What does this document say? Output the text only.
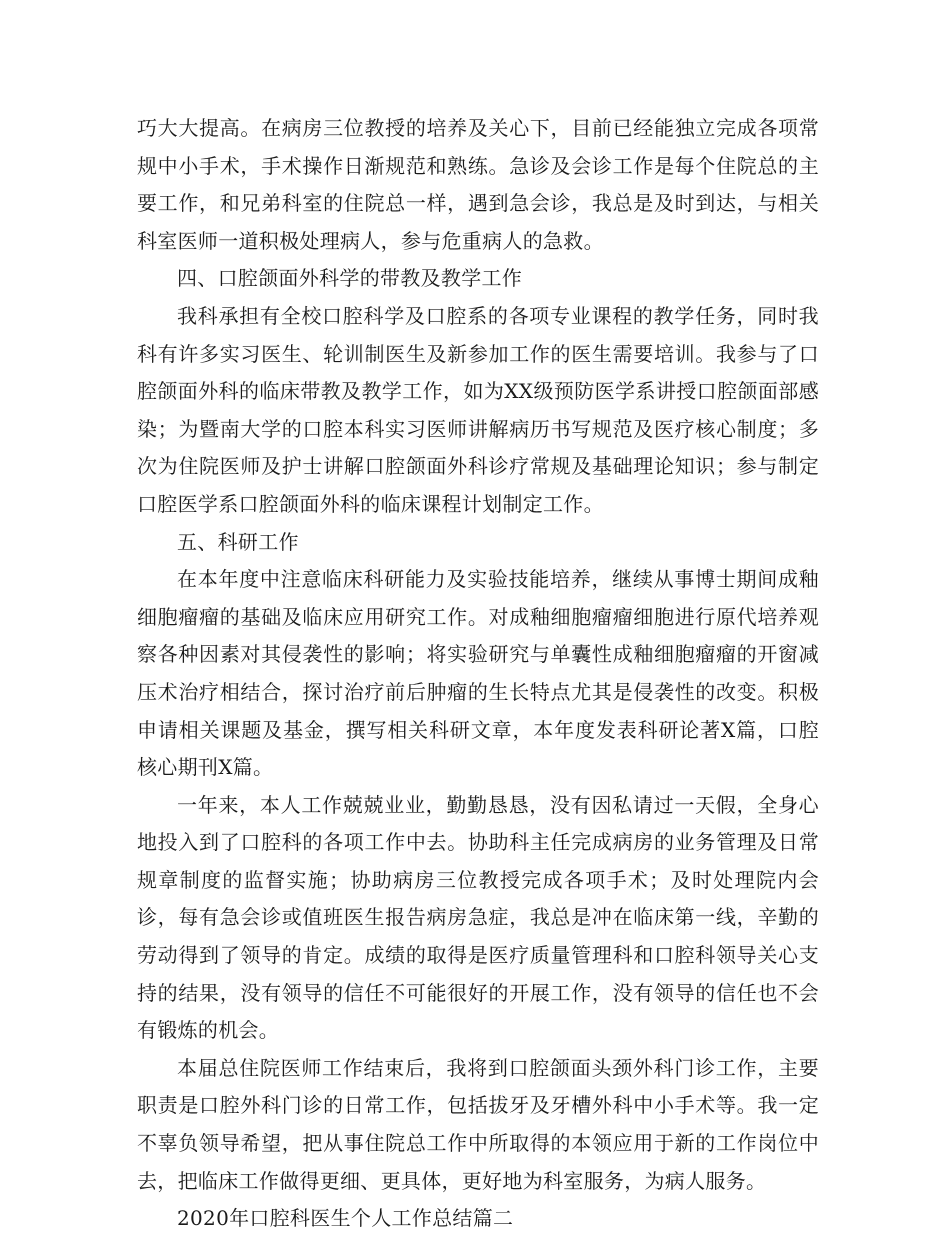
巧大大提高。在病房三位教授的培养及关心下，目前已经能独立完成各项常规中小手术，手术操作日渐规范和熟练。急诊及会诊工作是每个住院总的主要工作，和兄弟科室的住院总一样，遇到急会诊，我总是及时到达，与相关科室医师一道积极处理病人，参与危重病人的急救。

四、口腔颌面外科学的带教及教学工作

我科承担有全校口腔科学及口腔系的各项专业课程的教学任务，同时我科有许多实习医生、轮训制医生及新参加工作的医生需要培训。我参与了口腔颌面外科的临床带教及教学工作，如为XX级预防医学系讲授口腔颌面部感染；为暨南大学的口腔本科实习医师讲解病历书写规范及医疗核心制度；多次为住院医师及护士讲解口腔颌面外科诊疗常规及基础理论知识；参与制定口腔医学系口腔颌面外科的临床课程计划制定工作。

五、科研工作

在本年度中注意临床科研能力及实验技能培养，继续从事博士期间成釉细胞瘤瘤的基础及临床应用研究工作。对成釉细胞瘤瘤细胞进行原代培养观察各种因素对其侵袭性的影响；将实验研究与单囊性成釉细胞瘤瘤的开窗减压术治疗相结合，探讨治疗前后肿瘤的生长特点尤其是侵袭性的改变。积极申请相关课题及基金，撰写相关科研文章，本年度发表科研论著X篇，口腔核心期刊X篇。

一年来，本人工作兢兢业业，勤勤恳恳，没有因私请过一天假，全身心地投入到了口腔科的各项工作中去。协助科主任完成病房的业务管理及日常规章制度的监督实施；协助病房三位教授完成各项手术；及时处理院内会诊，每有急会诊或值班医生报告病房急症，我总是冲在临床第一线，辛勤的劳动得到了领导的肯定。成绩的取得是医疗质量管理科和口腔科领导关心支持的结果，没有领导的信任不可能很好的开展工作，没有领导的信任也不会有锻炼的机会。

本届总住院医师工作结束后，我将到口腔颌面头颈外科门诊工作，主要职责是口腔外科门诊的日常工作，包括拔牙及牙槽外科中小手术等。我一定不辜负领导希望，把从事住院总工作中所取得的本领应用于新的工作岗位中去，把临床工作做得更细、更具体，更好地为科室服务，为病人服务。

2020年口腔科医生个人工作总结篇二
